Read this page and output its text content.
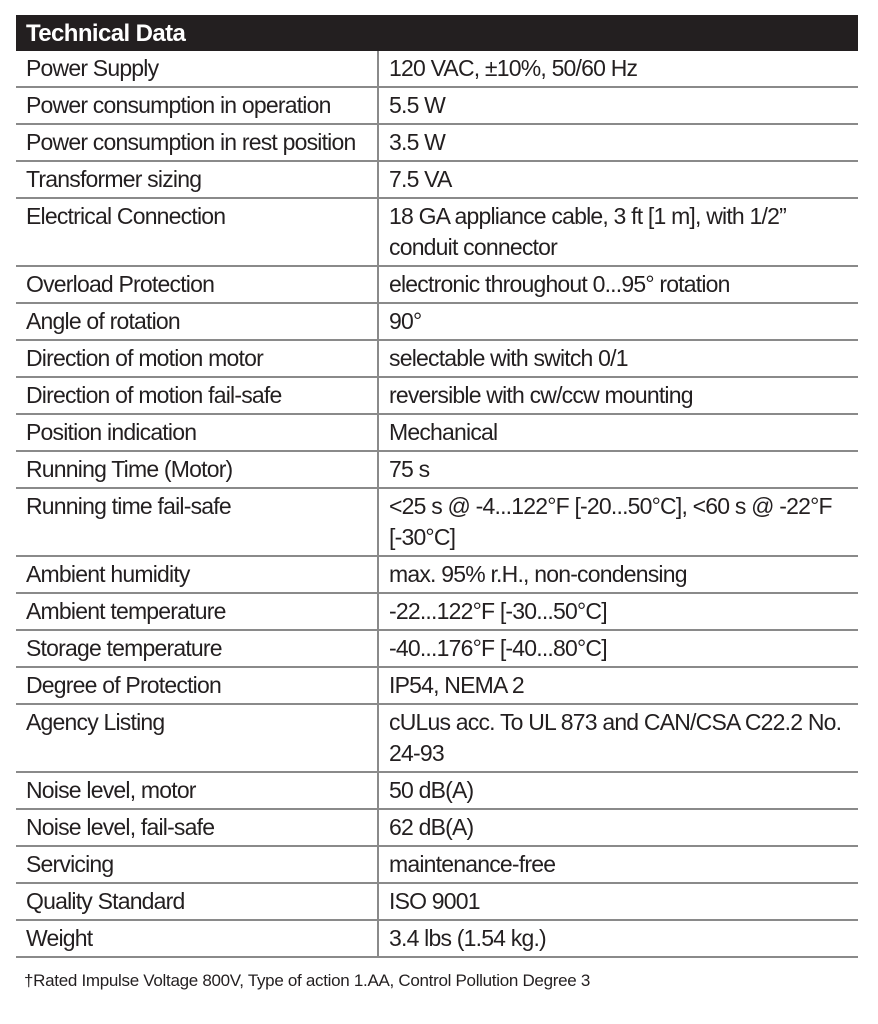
Technical Data
Power Supply	120 VAC, ±10%, 50/60 Hz
Power consumption in operation	5.5 W
Power consumption in rest position	3.5 W
Transformer sizing	7.5 VA
Electrical Connection	18 GA appliance cable, 3 ft [1 m], with 1/2” conduit connector
Overload Protection	electronic throughout 0...95° rotation
Angle of rotation	90°
Direction of motion motor	selectable with switch 0/1
Direction of motion fail-safe	reversible with cw/ccw mounting
Position indication	Mechanical
Running Time (Motor)	75 s
Running time fail-safe	<25 s @ -4...122°F [-20...50°C], <60 s @ -22°F [-30°C]
Ambient humidity	max. 95% r.H., non-condensing
Ambient temperature	-22...122°F [-30...50°C]
Storage temperature	-40...176°F [-40...80°C]
Degree of Protection	IP54, NEMA 2
Agency Listing	cULus acc. To UL 873 and CAN/CSA C22.2 No. 24-93
Noise level, motor	50 dB(A)
Noise level, fail-safe	62 dB(A)
Servicing	maintenance-free
Quality Standard	ISO 9001
Weight	3.4 lbs (1.54 kg.)
†Rated Impulse Voltage 800V, Type of action 1.AA, Control Pollution Degree 3
